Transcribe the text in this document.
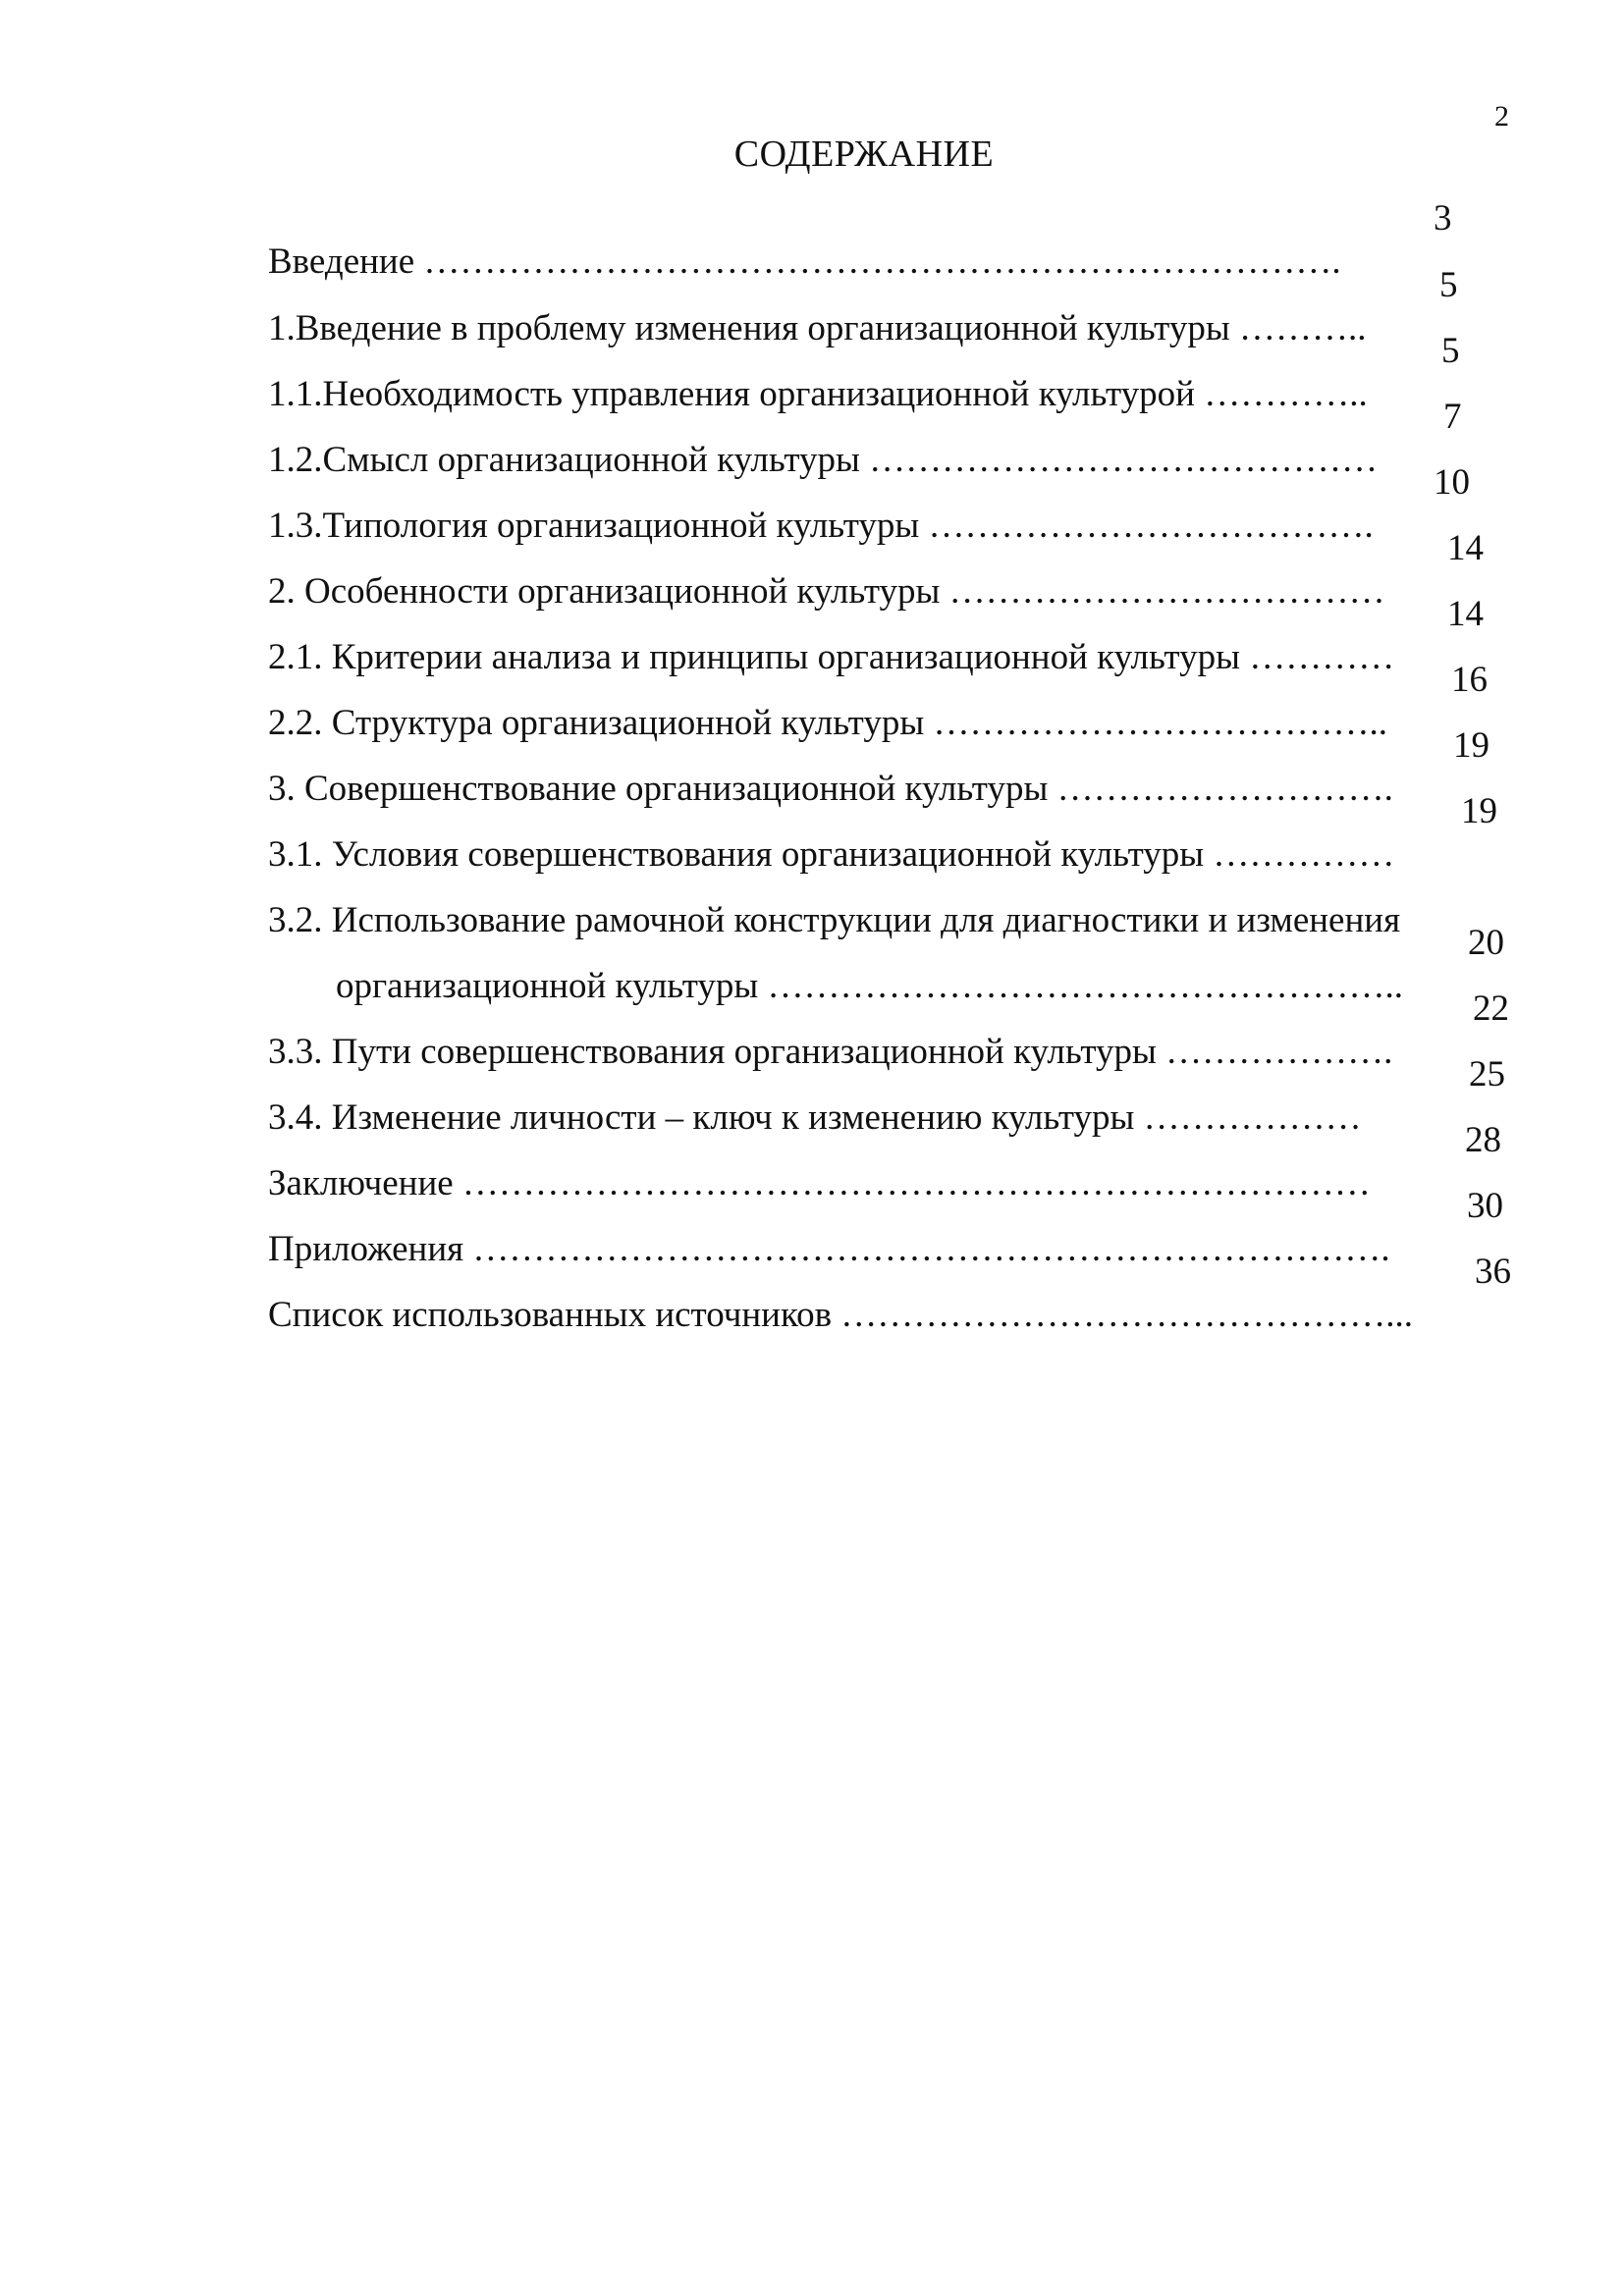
2
СОДЕРЖАНИЕ

Введение ………………………………………………………………….

3

1.Введение в проблему изменения организационной культуры ………..

5

1.1.Необходимость управления организационной культурой …………..

5

1.2.Смысл организационной культуры ……………………………………

7

1.3.Типология организационной культуры ……………………………….

10

2. Особенности организационной культуры ………………………………

14

2.1. Критерии анализа и принципы организационной культуры …………

14

2.2. Структура организационной культуры ………………………………..

16

3. Совершенствование организационной культуры ……………………….

19

3.1. Условия совершенствования организационной культуры ……………

19

3.2. Использование рамочной конструкции для диагностики и изменения

организационной культуры ……………………………………………..

20

3.3. Пути совершенствования организационной культуры ……………….

22

3.4. Изменение личности – ключ к изменению культуры ………………

25

Заключение …………………………………………………………………

28

Приложения ………………………………………………………………….

30

Список использованных источников ………………………………………...

36
